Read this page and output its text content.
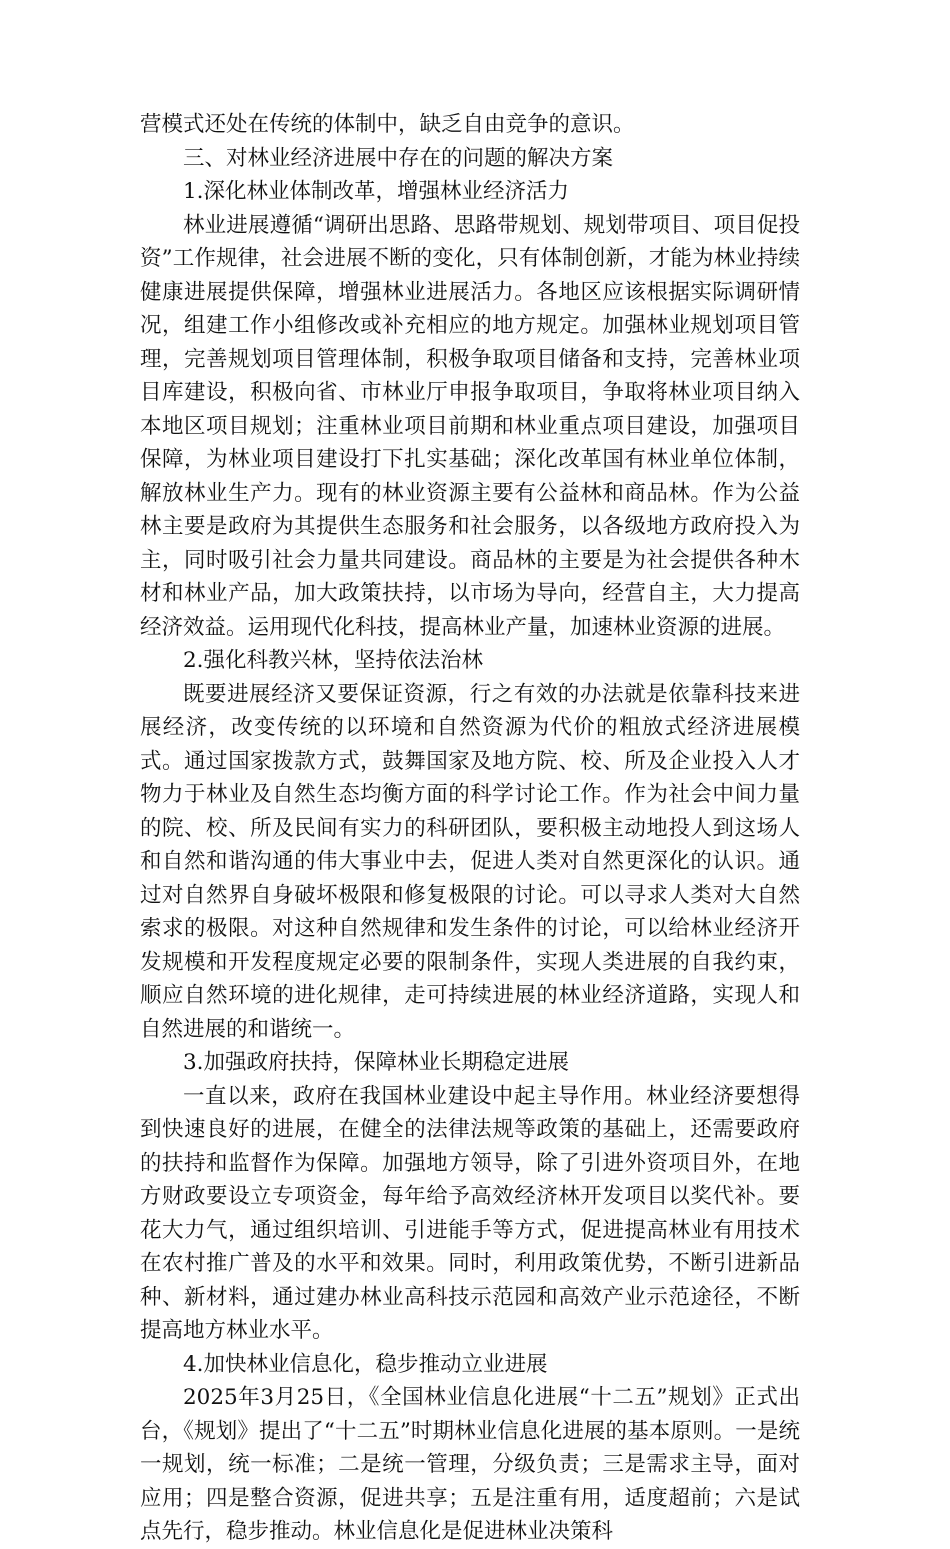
营模式还处在传统的体制中，缺乏自由竞争的意识。

三、对林业经济进展中存在的问题的解决方案

1.深化林业体制改革，增强林业经济活力

林业进展遵循“调研出思路、思路带规划、规划带项目、项目促投资”工作规律，社会进展不断的变化，只有体制创新，才能为林业持续健康进展提供保障，增强林业进展活力。各地区应该根据实际调研情况，组建工作小组修改或补充相应的地方规定。加强林业规划项目管理，完善规划项目管理体制，积极争取项目储备和支持，完善林业项目库建设，积极向省、市林业厅申报争取项目，争取将林业项目纳入本地区项目规划；注重林业项目前期和林业重点项目建设，加强项目保障，为林业项目建设打下扎实基础；深化改革国有林业单位体制，解放林业生产力。现有的林业资源主要有公益林和商品林。作为公益林主要是政府为其提供生态服务和社会服务，以各级地方政府投入为主，同时吸引社会力量共同建设。商品林的主要是为社会提供各种木材和林业产品，加大政策扶持，以市场为导向，经营自主，大力提高经济效益。运用现代化科技，提高林业产量，加速林业资源的进展。

2.强化科教兴林，坚持依法治林

既要进展经济又要保证资源，行之有效的办法就是依靠科技来进展经济，改变传统的以环境和自然资源为代价的粗放式经济进展模式。通过国家拨款方式，鼓舞国家及地方院、校、所及企业投入人才物力于林业及自然生态均衡方面的科学讨论工作。作为社会中间力量的院、校、所及民间有实力的科研团队，要积极主动地投人到这场人和自然和谐沟通的伟大事业中去，促进人类对自然更深化的认识。通过对自然界自身破坏极限和修复极限的讨论。可以寻求人类对大自然索求的极限。对这种自然规律和发生条件的讨论，可以给林业经济开发规模和开发程度规定必要的限制条件，实现人类进展的自我约束，顺应自然环境的进化规律，走可持续进展的林业经济道路，实现人和自然进展的和谐统一。

3.加强政府扶持，保障林业长期稳定进展

一直以来，政府在我国林业建设中起主导作用。林业经济要想得到快速良好的进展，在健全的法律法规等政策的基础上，还需要政府的扶持和监督作为保障。加强地方领导，除了引进外资项目外，在地方财政要设立专项资金，每年给予高效经济林开发项目以奖代补。要花大力气，通过组织培训、引进能手等方式，促进提高林业有用技术在农村推广普及的水平和效果。同时，利用政策优势，不断引进新品种、新材料，通过建办林业高科技示范园和高效产业示范途径，不断提高地方林业水平。

4.加快林业信息化，稳步推动立业进展

2025年3月25日，《全国林业信息化进展“十二五”规划》正式出台，《规划》提出了“十二五”时期林业信息化进展的基本原则。一是统一规划，统一标准；二是统一管理，分级负责；三是需求主导，面对应用；四是整合资源，促进共享；五是注重有用，适度超前；六是试点先行，稳步推动。林业信息化是促进林业决策科
